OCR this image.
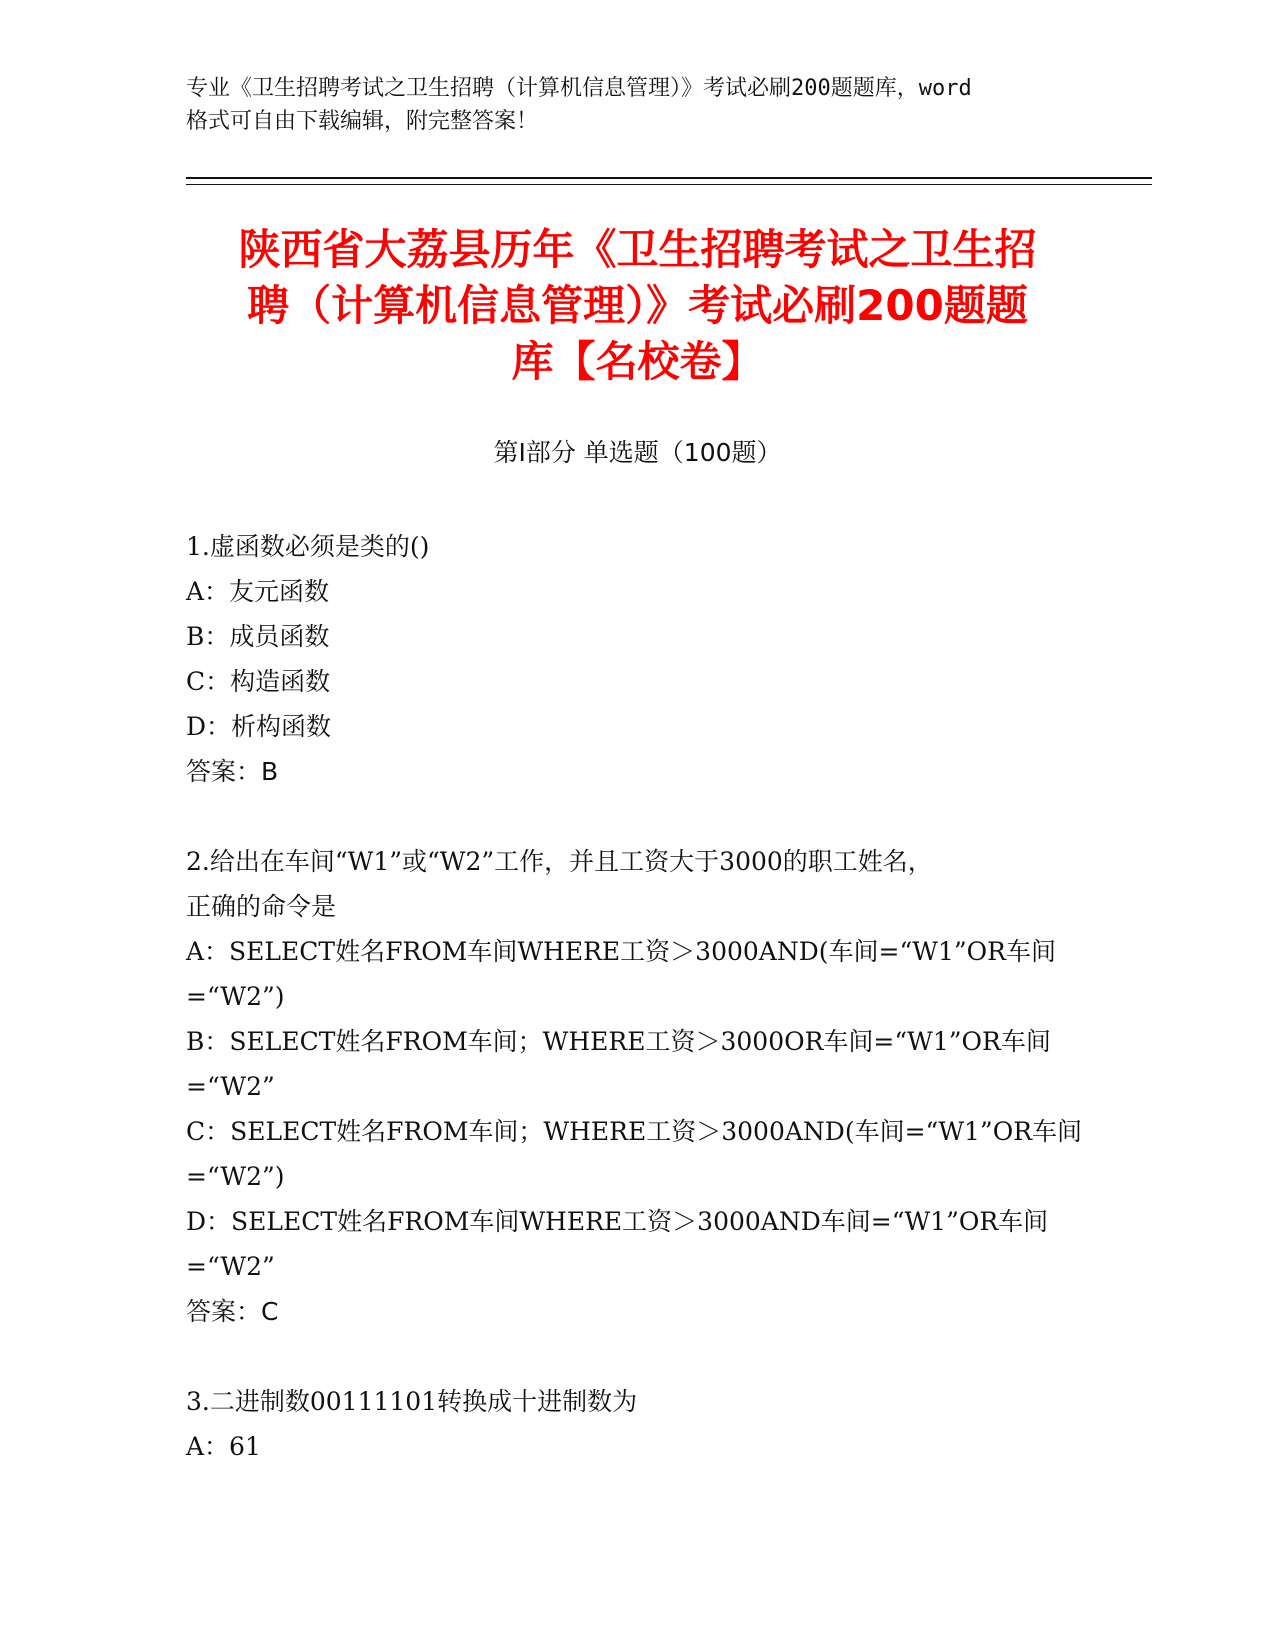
专业《卫生招聘考试之卫生招聘（计算机信息管理）》考试必刷200题题库，word
格式可自由下载编辑，附完整答案！
陕西省大荔县历年《卫生招聘考试之卫生招
聘（计算机信息管理）》考试必刷200题题
库【名校卷】
第I部分 单选题（100题）
1.虚函数必须是类的()
A：友元函数
B：成员函数
C：构造函数
D：析构函数
答案：B
2.给出在车间“W1”或“W2”工作，并且工资大于3000的职工姓名，
正确的命令是
A：SELECT姓名FROM车间WHERE工资＞3000AND(车间=“W1”OR车间
=“W2”)
B：SELECT姓名FROM车间；WHERE工资＞3000OR车间=“W1”OR车间
=“W2”
C：SELECT姓名FROM车间；WHERE工资＞3000AND(车间=“W1”OR车间
=“W2”)
D：SELECT姓名FROM车间WHERE工资＞3000AND车间=“W1”OR车间
=“W2”
答案：C
3.二进制数00111101转换成十进制数为
A：61
